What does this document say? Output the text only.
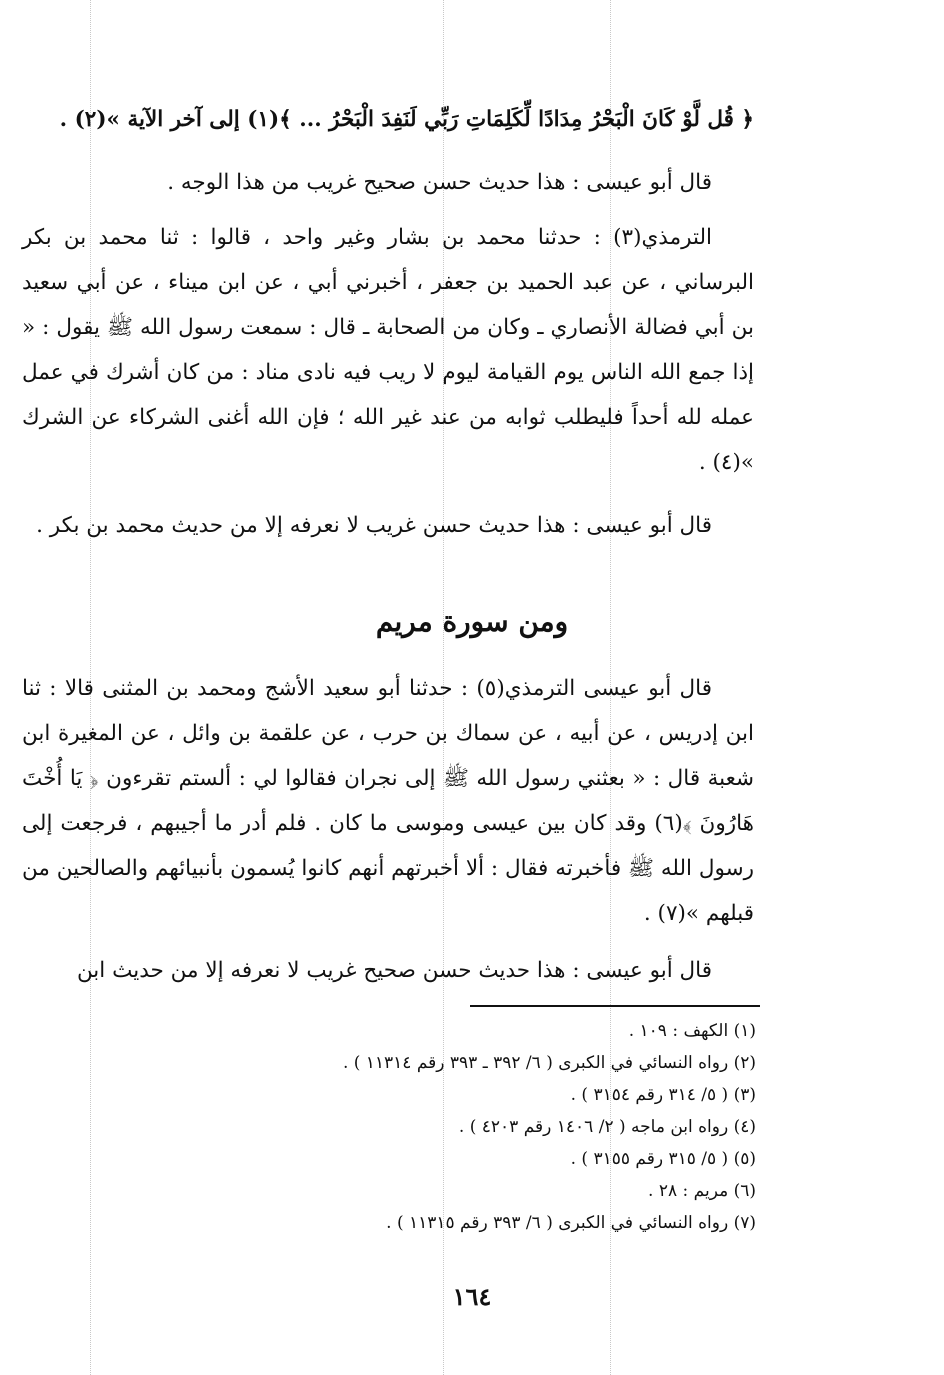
﴿ قُل لَّوْ كَانَ الْبَحْرُ مِدَادًا لِّكَلِمَاتِ رَبِّي لَنَفِدَ الْبَحْرُ ... ﴾(١) إلى آخر الآية »(٢) .

قال أبو عيسى : هذا حديث حسن صحيح غريب من هذا الوجه .

الترمذي(٣) : حدثنا محمد بن بشار وغير واحد ، قالوا : ثنا محمد بن بكر البرساني ، عن عبد الحميد بن جعفر ، أخبرني أبي ، عن ابن ميناء ، عن أبي سعيد بن أبي فضالة الأنصاري ـ وكان من الصحابة ـ قال : سمعت رسول الله ﷺ يقول : « إذا جمع الله الناس يوم القيامة ليوم لا ريب فيه نادى مناد : من كان أشرك في عمل عمله لله أحداً فليطلب ثوابه من عند غير الله ؛ فإن الله أغنى الشركاء عن الشرك »(٤) .

قال أبو عيسى : هذا حديث حسن غريب لا نعرفه إلا من حديث محمد بن بكر .

ومن سورة مريم

قال أبو عيسى الترمذي(٥) : حدثنا أبو سعيد الأشج ومحمد بن المثنى قالا : ثنا ابن إدريس ، عن أبيه ، عن سماك بن حرب ، عن علقمة بن وائل ، عن المغيرة ابن شعبة قال : « بعثني رسول الله ﷺ إلى نجران فقالوا لي : ألستم تقرءون ﴿ يَا أُخْتَ هَارُونَ ﴾(٦) وقد كان بين عيسى وموسى ما كان . فلم أدر ما أجيبهم ، فرجعت إلى رسول الله ﷺ فأخبرته فقال : ألا أخبرتهم أنهم كانوا يُسمون بأنبيائهم والصالحين من قبلهم »(٧) .

قال أبو عيسى : هذا حديث حسن صحيح غريب لا نعرفه إلا من حديث ابن

(١) الكهف : ١٠٩ .
(٢) رواه النسائي في الكبرى ( ٦/ ٣٩٢ ـ ٣٩٣ رقم ١١٣١٤ ) .
(٣) ( ٥/ ٣١٤ رقم ٣١٥٤ ) .
(٤) رواه ابن ماجه ( ٢/ ١٤٠٦ رقم ٤٢٠٣ ) .
(٥) ( ٥/ ٣١٥ رقم ٣١٥٥ ) .
(٦) مريم : ٢٨ .
(٧) رواه النسائي في الكبرى ( ٦/ ٣٩٣ رقم ١١٣١٥ ) .
١٦٤
